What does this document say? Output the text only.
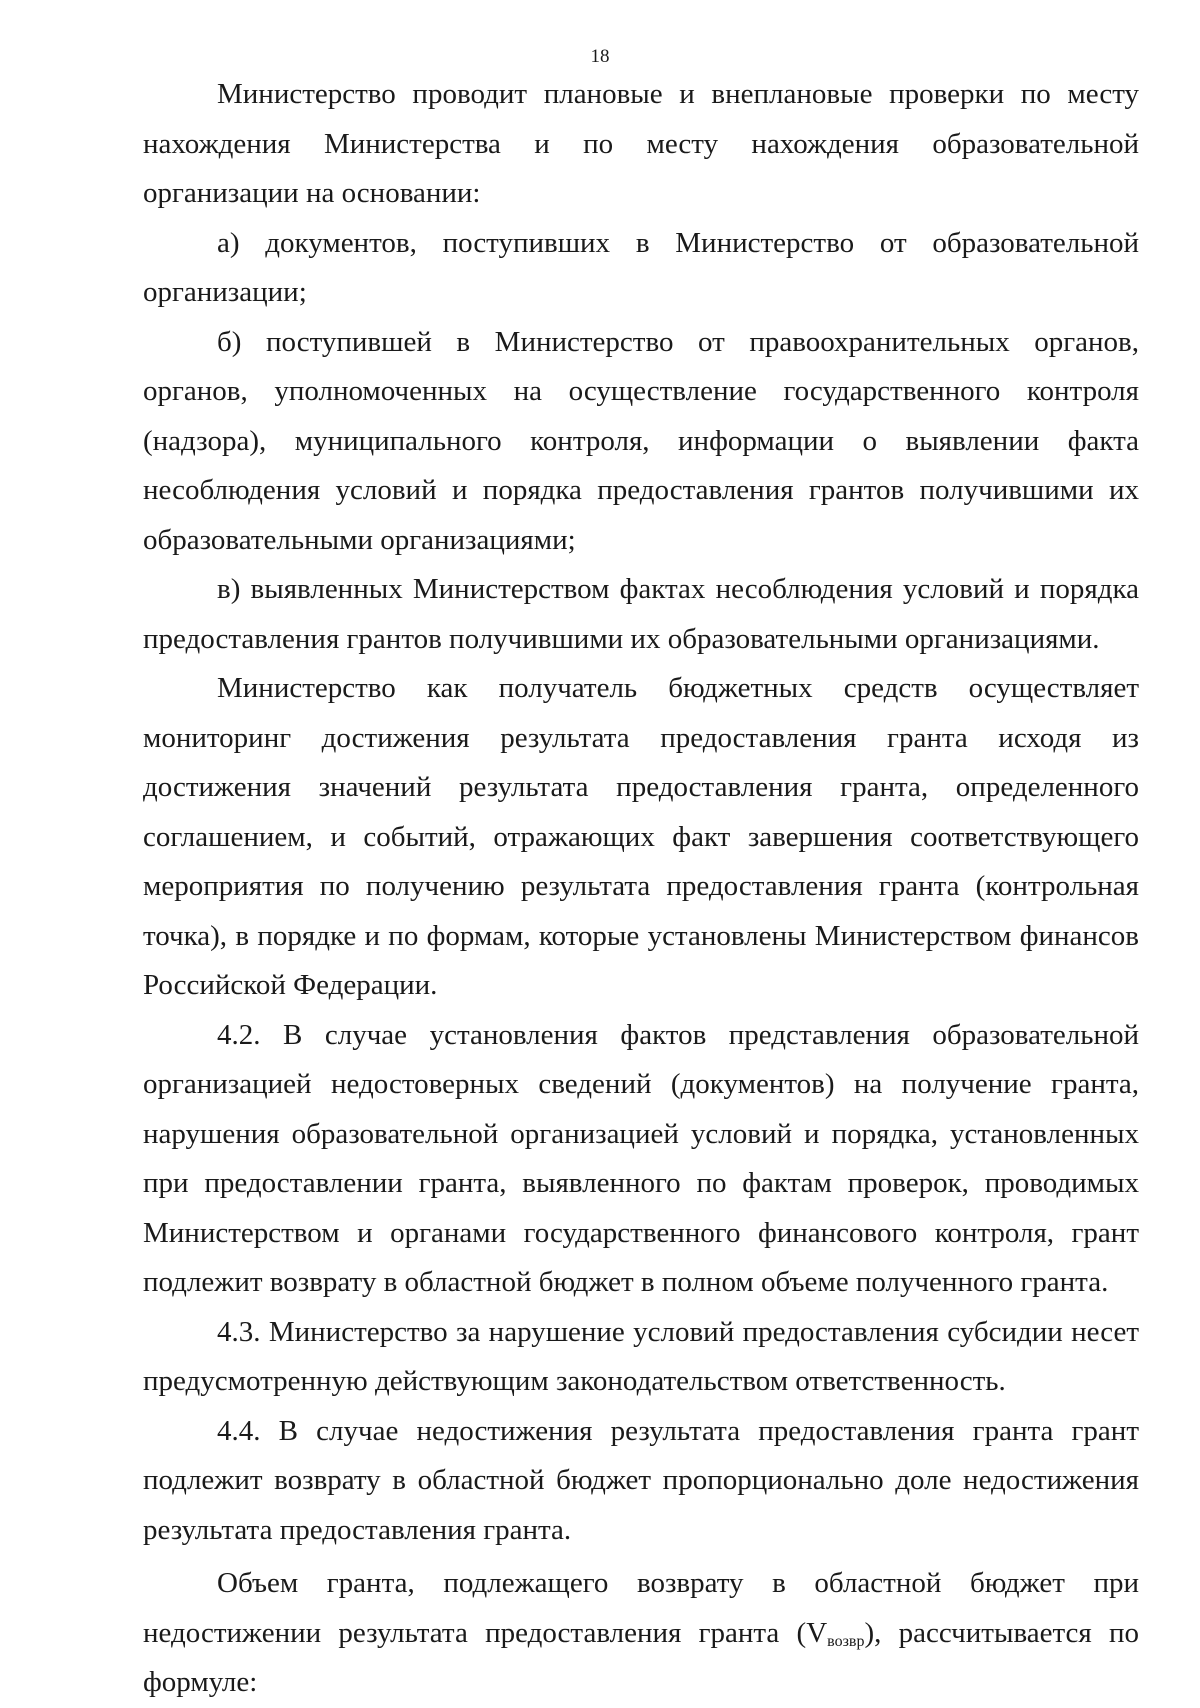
18

Министерство проводит плановые и внеплановые проверки по месту нахождения Министерства и по месту нахождения образовательной организации на основании:

а) документов, поступивших в Министерство от образовательной организации;

б) поступившей в Министерство от правоохранительных органов, органов, уполномоченных на осуществление государственного контроля (надзора), муниципального контроля, информации о выявлении факта несоблюдения условий и порядка предоставления грантов получившими их образовательными организациями;

в) выявленных Министерством фактах несоблюдения условий и порядка предоставления грантов получившими их образовательными организациями.

Министерство как получатель бюджетных средств осуществляет мониторинг достижения результата предоставления гранта исходя из достижения значений результата предоставления гранта, определенного соглашением, и событий, отражающих факт завершения соответствующего мероприятия по получению результата предоставления гранта (контрольная точка), в порядке и по формам, которые установлены Министерством финансов Российской Федерации.

4.2. В случае установления фактов представления образовательной организацией недостоверных сведений (документов) на получение гранта, нарушения образовательной организацией условий и порядка, установленных при предоставлении гранта, выявленного по фактам проверок, проводимых Министерством и органами государственного финансового контроля, грант подлежит возврату в областной бюджет в полном объеме полученного гранта.

4.3. Министерство за нарушение условий предоставления субсидии несет предусмотренную действующим законодательством ответственность.

4.4. В случае недостижения результата предоставления гранта грант подлежит возврату в областной бюджет пропорционально доле недостижения результата предоставления гранта.

Объем гранта, подлежащего возврату в областной бюджет при недостижении результата предоставления гранта $(V_{возвр})$, рассчитывается по формуле:
